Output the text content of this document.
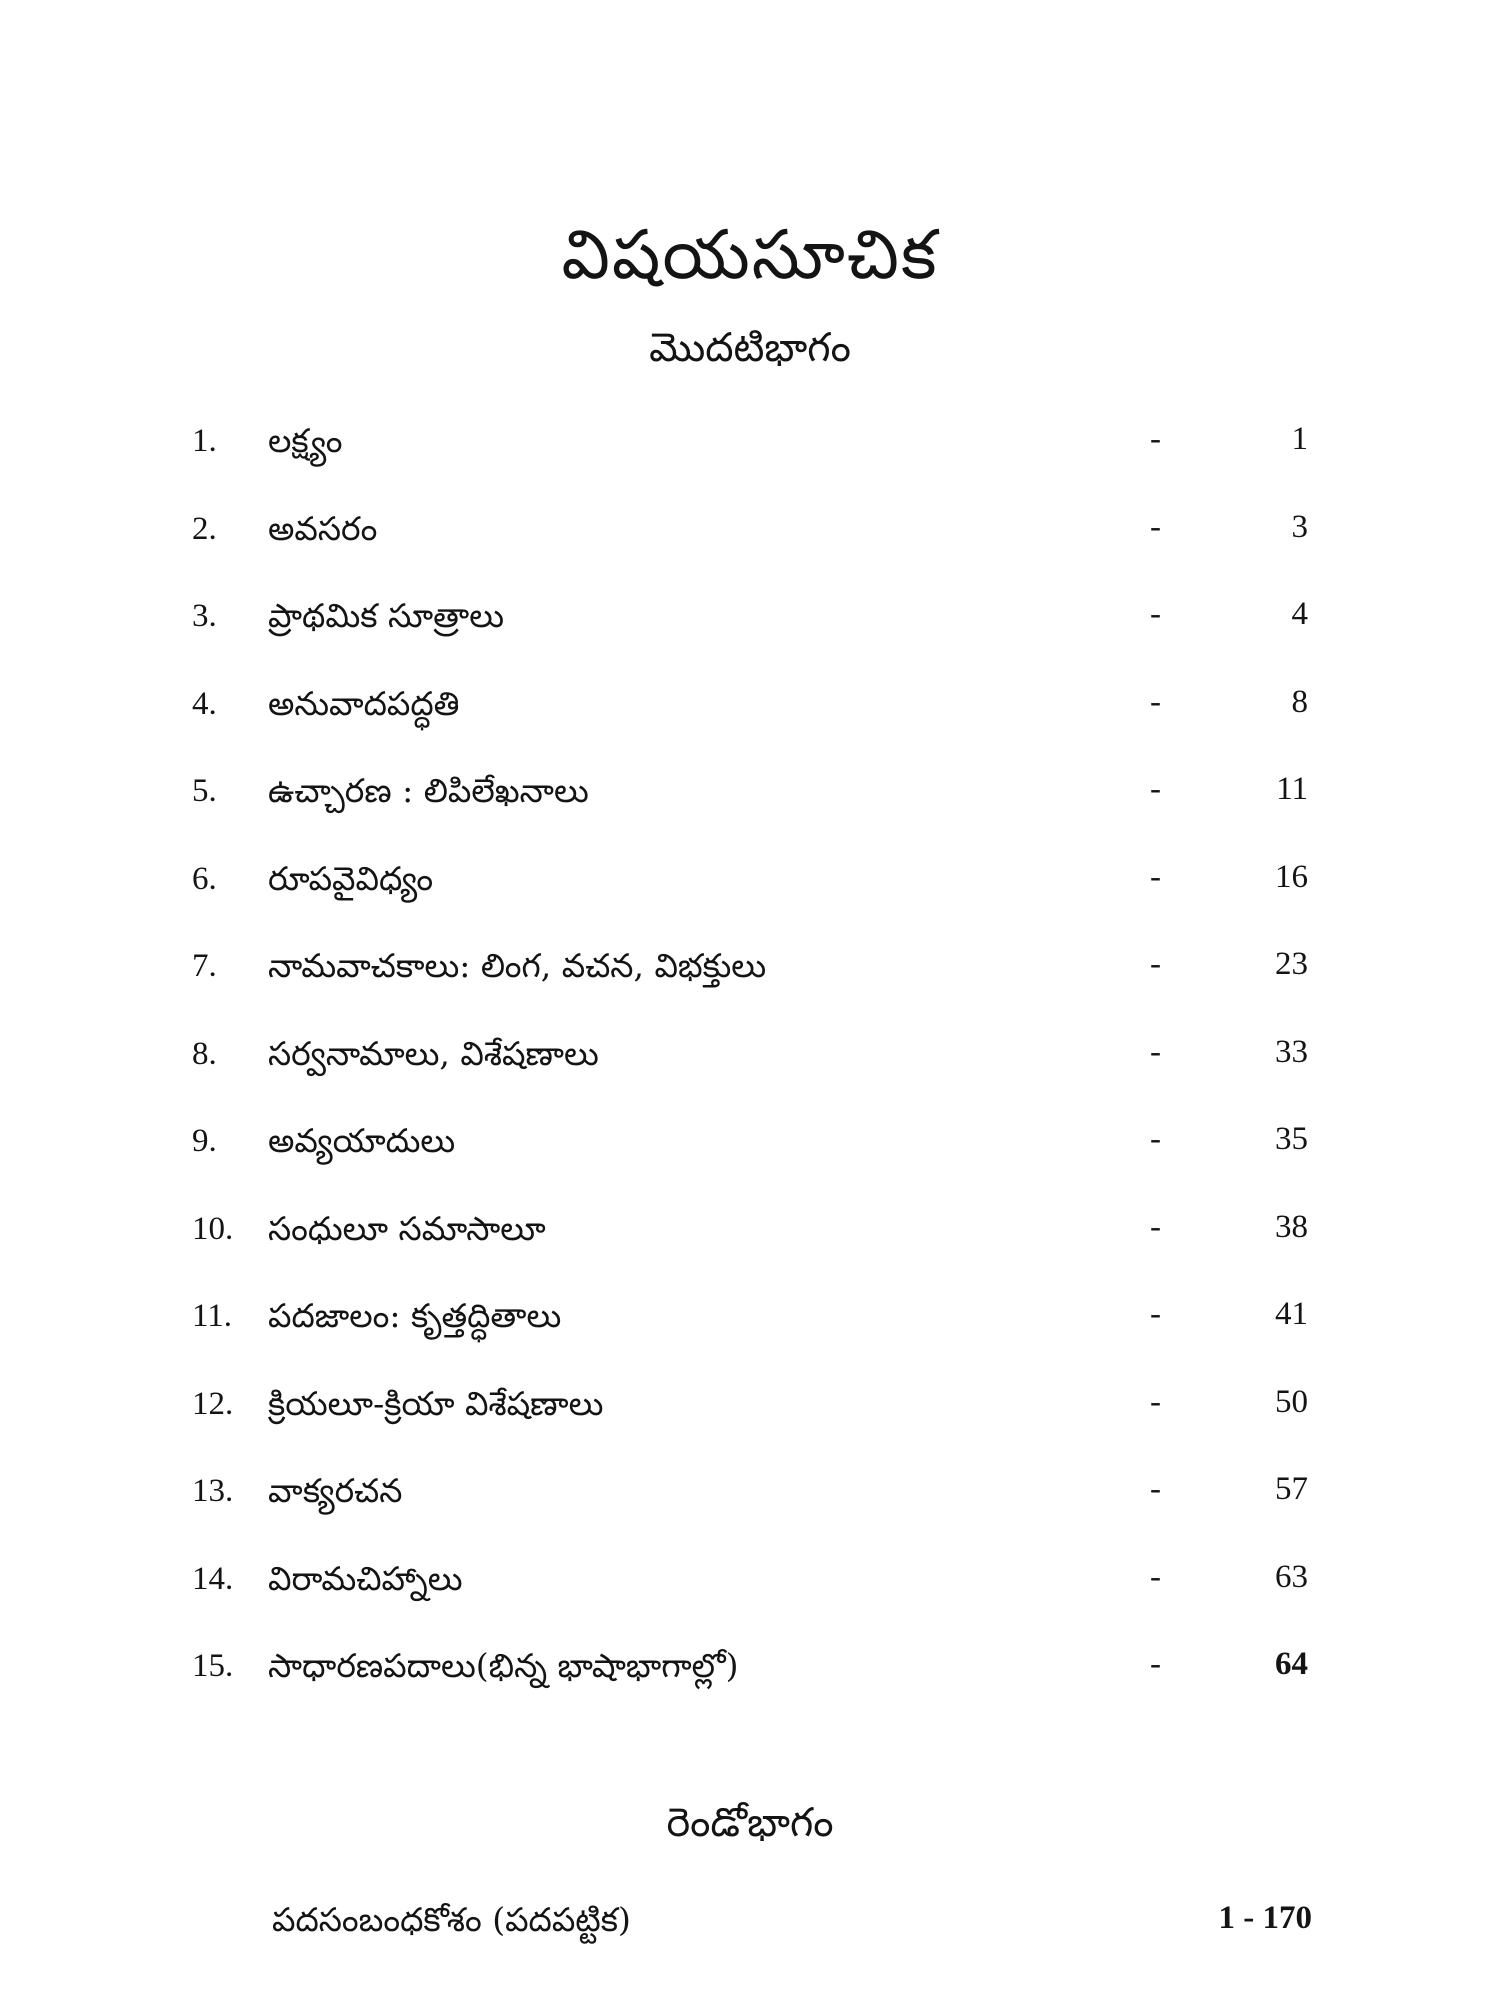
విషయసూచిక
మొదటిభాగం
1.	లక్ష్యం	-	1
2.	అవసరం	-	3
3.	ప్రాథమిక సూత్రాలు	-	4
4.	అనువాదపద్ధతి	-	8
5.	ఉచ్చారణ : లిపిలేఖనాలు	-	11
6.	రూపవైవిధ్యం	-	16
7.	నామవాచకాలు: లింగ, వచన, విభక్తులు	-	23
8.	సర్వనామాలు, విశేషణాలు	-	33
9.	అవ్యయాదులు	-	35
10.	సంధులూ సమాసాలూ	-	38
11.	పదజాలం: కృత్తద్ధితాలు	-	41
12.	క్రియలూ-క్రియా విశేషణాలు	-	50
13.	వాక్యరచన	-	57
14.	విరామచిహ్నాలు	-	63
15.	సాధారణపదాలు(భిన్న భాషాభాగాల్లో)	-	64
రెండోభాగం
పదసంబంధకోశం (పదపట్టిక)	1 - 170
